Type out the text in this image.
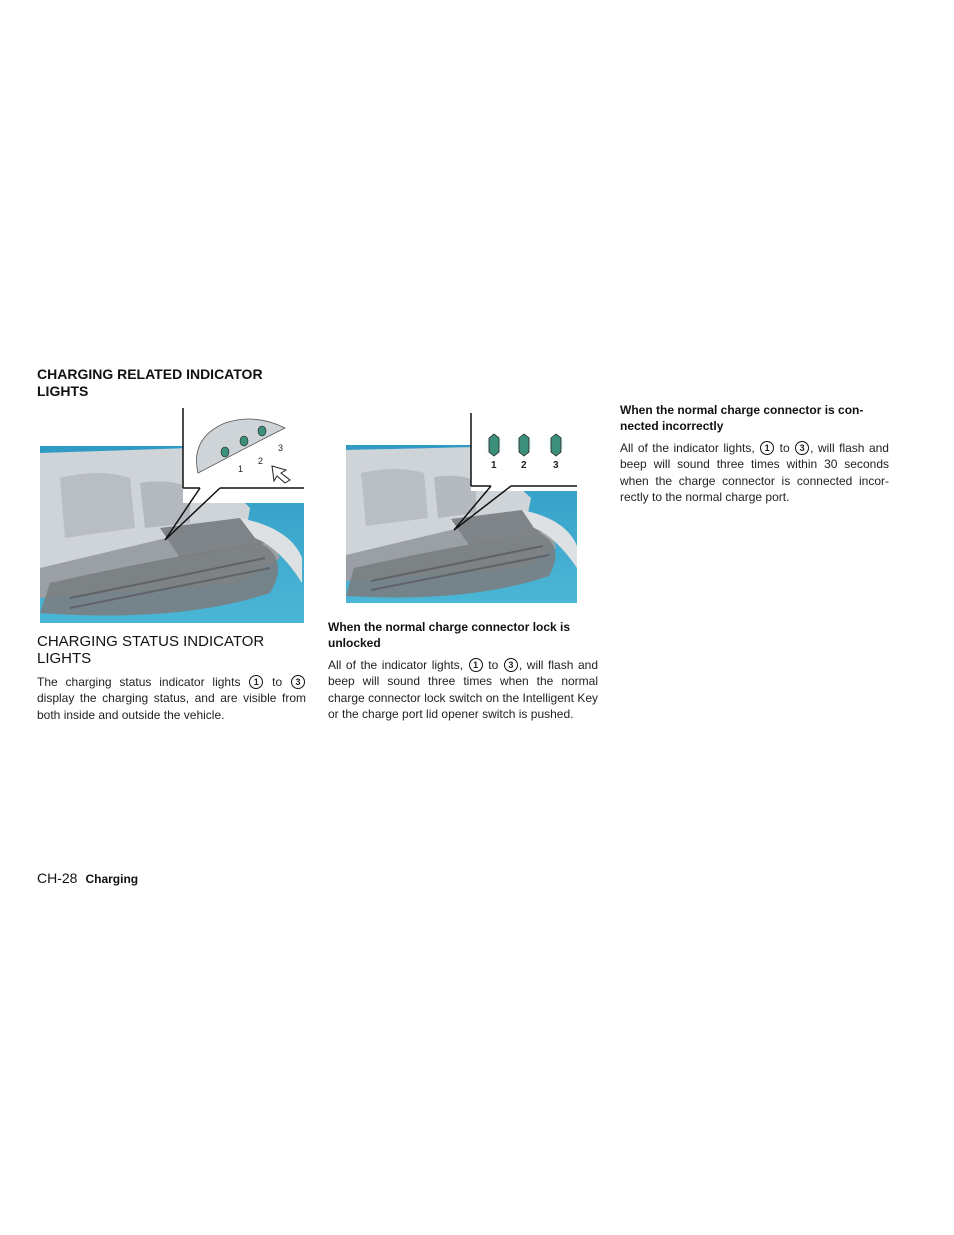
CHARGING RELATED INDICATOR LIGHTS
1
2
3
CHARGING STATUS INDICATOR LIGHTS

The charging status indicator lights 1 to 3 display the charging status, and are visible from both inside and outside the vehicle.

1 2	3
When the normal charge connector lock is unlocked

All of the indicator lights, 1 to 3 , will flash and beep will sound three times when the normal charge connector lock switch on the Intelligent Key or the charge port lid opener switch is pushed.

When the normal charge connector is con-nected incorrectly

All of the indicator lights, 1 to 3 , will flash and beep will sound three times within 30 seconds when the charge connector is connected incor-rectly to the normal charge port.

CH-28 Charging
